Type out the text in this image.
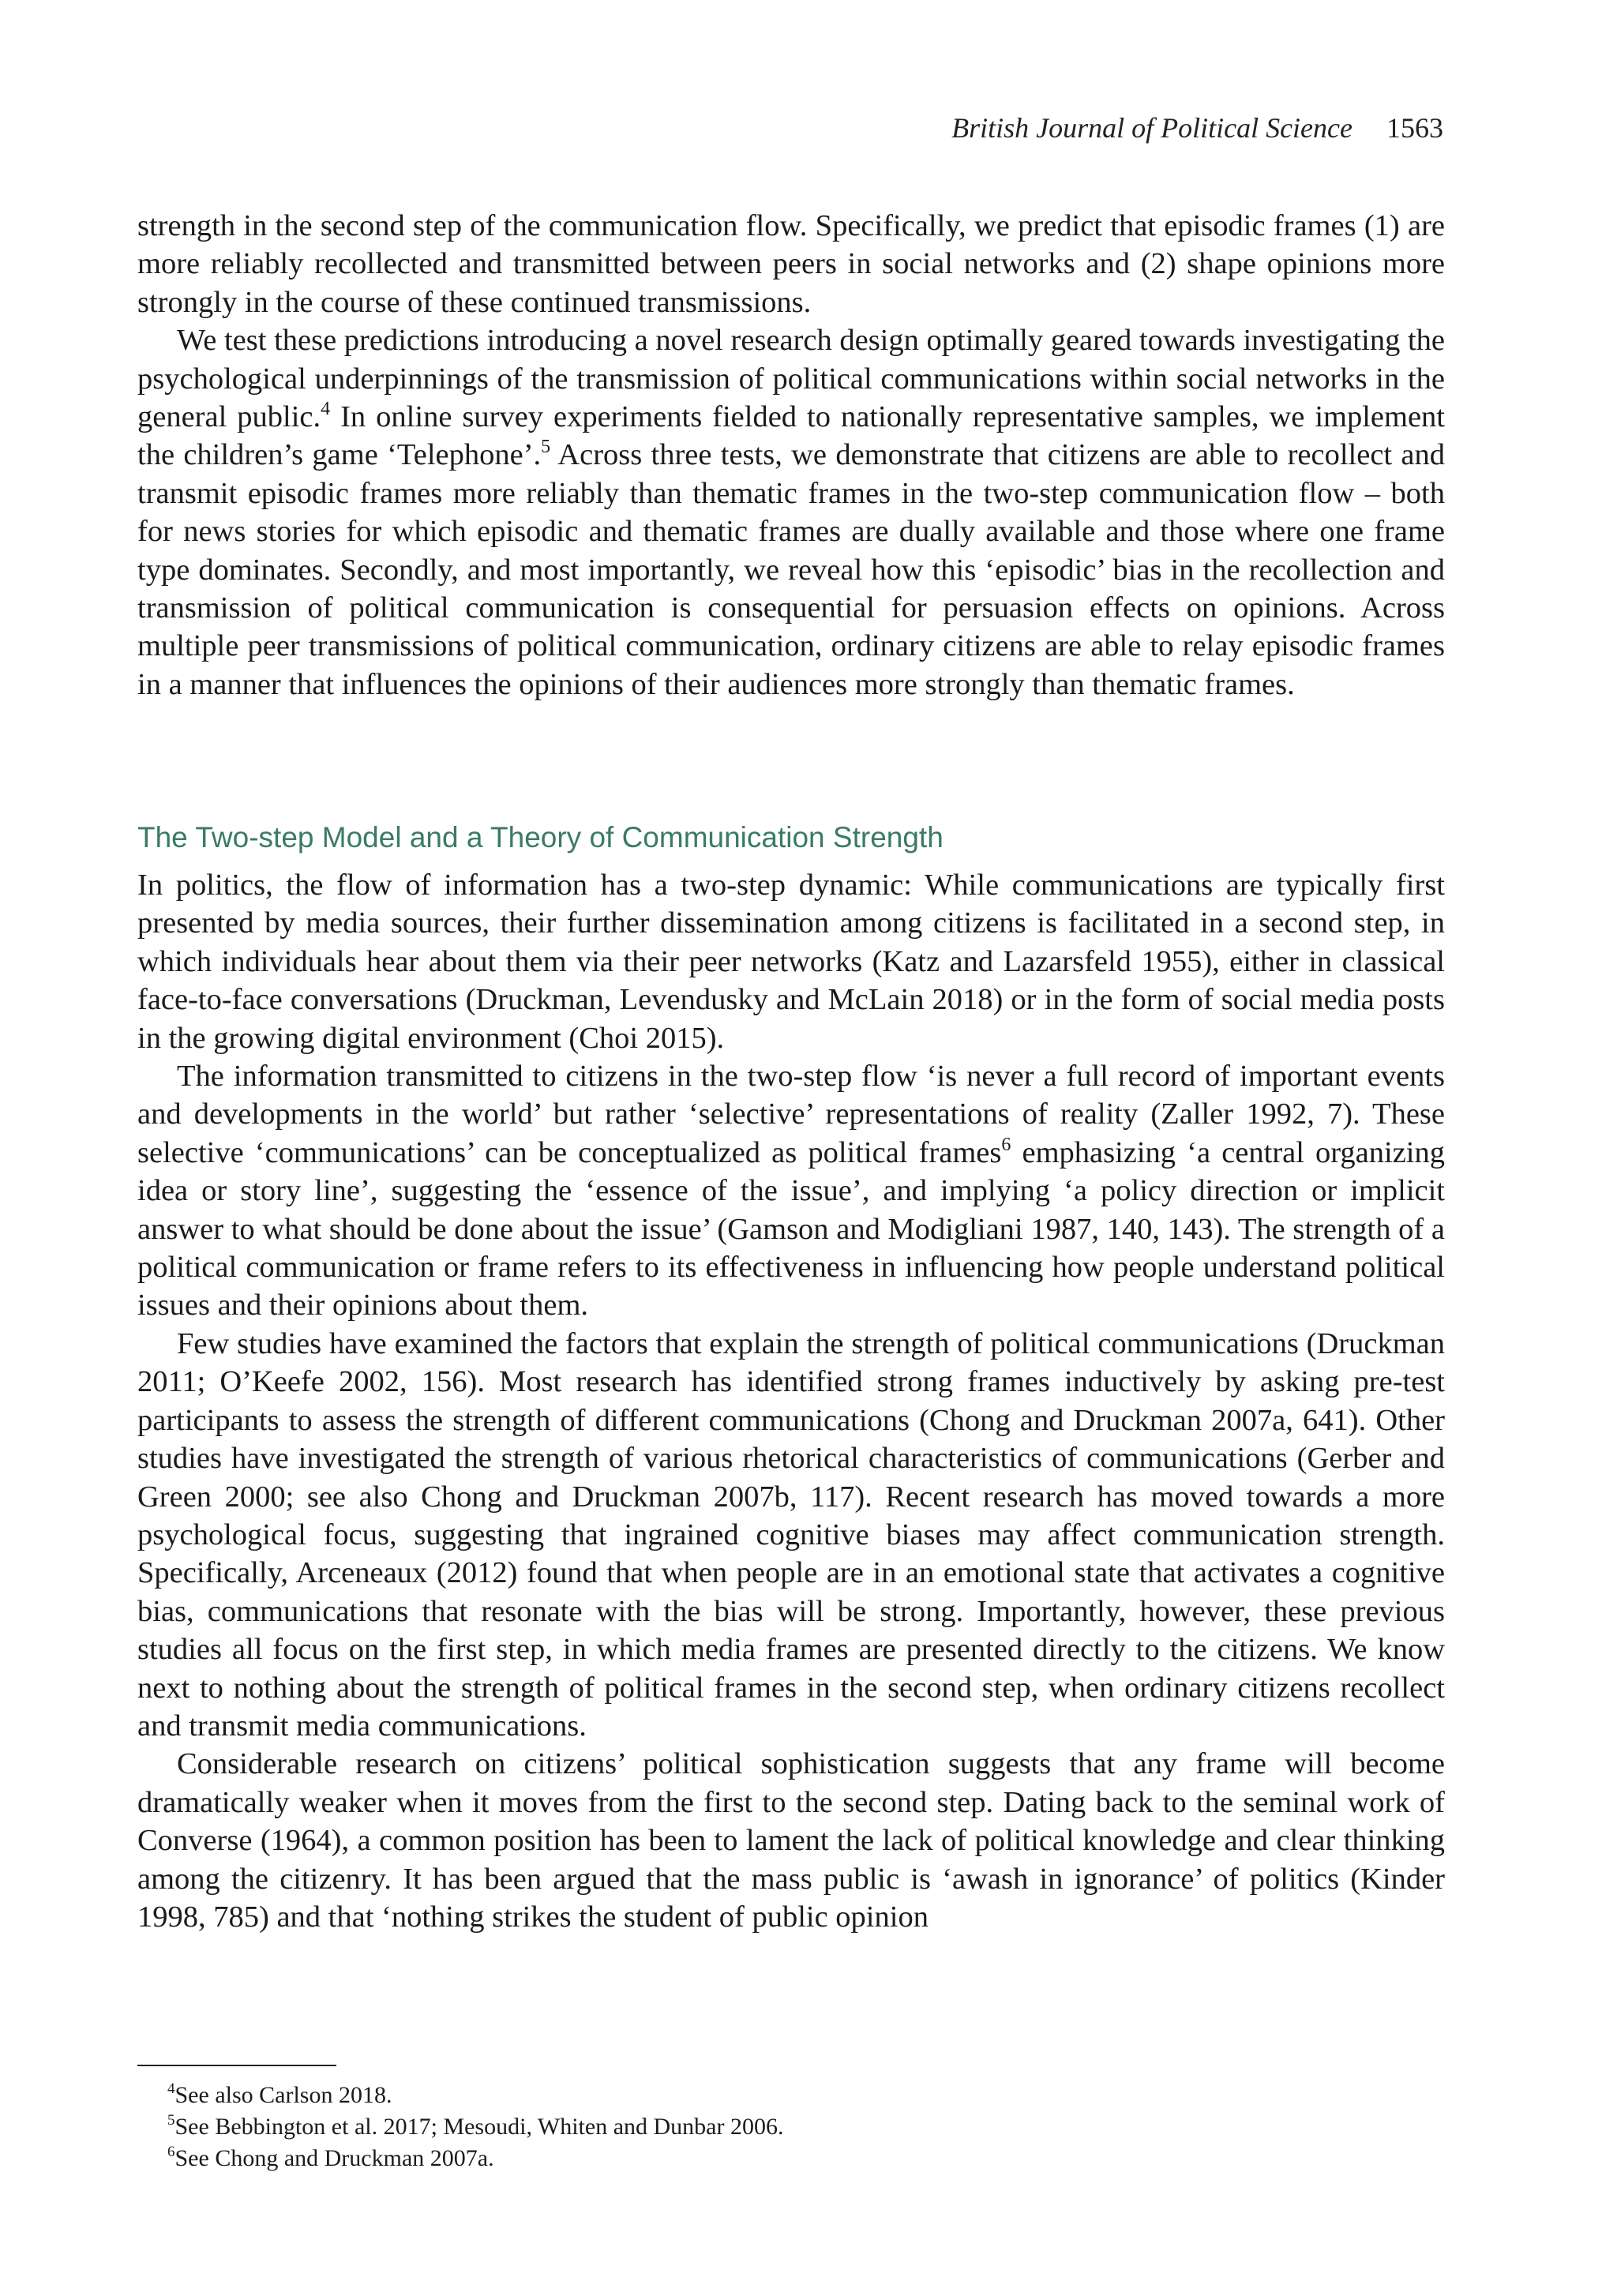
British Journal of Political Science 1563

strength in the second step of the communication flow. Specifically, we predict that episodic frames (1) are more reliably recollected and transmitted between peers in social networks and (2) shape opinions more strongly in the course of these continued transmissions.

We test these predictions introducing a novel research design optimally geared towards investigating the psychological underpinnings of the transmission of political communications within social networks in the general public.$^4$ In online survey experiments fielded to nationally representative samples, we implement the children’s game ‘Telephone’.$^5$ Across three tests, we demonstrate that citizens are able to recollect and transmit episodic frames more reliably than thematic frames in the two-step communication flow – both for news stories for which episodic and thematic frames are dually available and those where one frame type dominates. Secondly, and most importantly, we reveal how this ‘episodic’ bias in the recollection and transmission of political communication is consequential for persuasion effects on opinions. Across multiple peer transmissions of political communication, ordinary citizens are able to relay episodic frames in a manner that influences the opinions of their audiences more strongly than thematic frames.

The Two-step Model and a Theory of Communication Strength

In politics, the flow of information has a two-step dynamic: While communications are typically first presented by media sources, their further dissemination among citizens is facilitated in a second step, in which individuals hear about them via their peer networks (Katz and Lazarsfeld 1955), either in classical face-to-face conversations (Druckman, Levendusky and McLain 2018) or in the form of social media posts in the growing digital environment (Choi 2015).

The information transmitted to citizens in the two-step flow ‘is never a full record of important events and developments in the world’ but rather ‘selective’ representations of reality (Zaller 1992, 7). These selective ‘communications’ can be conceptualized as political frames$^6$ emphasizing ‘a central organizing idea or story line’, suggesting the ‘essence of the issue’, and implying ‘a policy direction or implicit answer to what should be done about the issue’ (Gamson and Modigliani 1987, 140, 143). The strength of a political communication or frame refers to its effectiveness in influencing how people understand political issues and their opinions about them.

Few studies have examined the factors that explain the strength of political communications (Druckman 2011; O’Keefe 2002, 156). Most research has identified strong frames inductively by asking pre-test participants to assess the strength of different communications (Chong and Druckman 2007a, 641). Other studies have investigated the strength of various rhetorical characteristics of communications (Gerber and Green 2000; see also Chong and Druckman 2007b, 117). Recent research has moved towards a more psychological focus, suggesting that ingrained cognitive biases may affect communication strength. Specifically, Arceneaux (2012) found that when people are in an emotional state that activates a cognitive bias, communications that resonate with the bias will be strong. Importantly, however, these previous studies all focus on the first step, in which media frames are presented directly to the citizens. We know next to nothing about the strength of political frames in the second step, when ordinary citizens recollect and transmit media communications.

Considerable research on citizens’ political sophistication suggests that any frame will become dramatically weaker when it moves from the first to the second step. Dating back to the seminal work of Converse (1964), a common position has been to lament the lack of political knowledge and clear thinking among the citizenry. It has been argued that the mass public is ‘awash in ignorance’ of politics (Kinder 1998, 785) and that ‘nothing strikes the student of public opinion

$^4$See also Carlson 2018.

$^5$See Bebbington et al. 2017; Mesoudi, Whiten and Dunbar 2006.

$^6$See Chong and Druckman 2007a.
